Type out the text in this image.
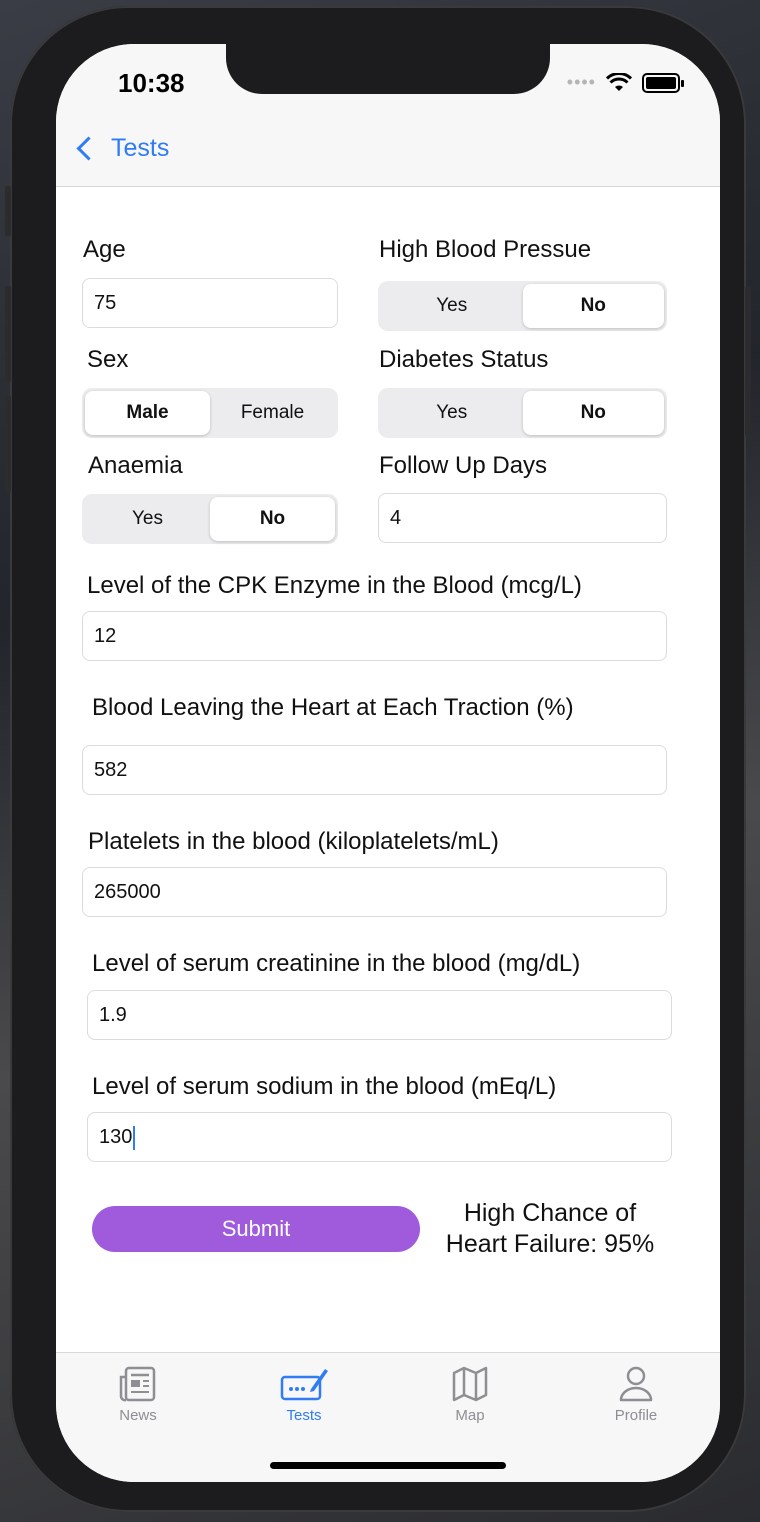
10:38	••••
Tests
Age
75
High Blood Pressue
Yes	No
Sex
Male	Female
Diabetes Status
Yes	No
Anaemia
Yes	No
Follow Up Days
4
Level of the CPK Enzyme in the Blood (mcg/L)
12
Blood Leaving the Heart at Each Traction (%)
582
Platelets in the blood (kiloplatelets/mL)
265000
Level of serum creatinine in the blood (mg/dL)
1.9
Level of serum sodium in the blood (mEq/L)
130
Submit
High Chance of
Heart Failure: 95%
News	Tests	Map	Profile
